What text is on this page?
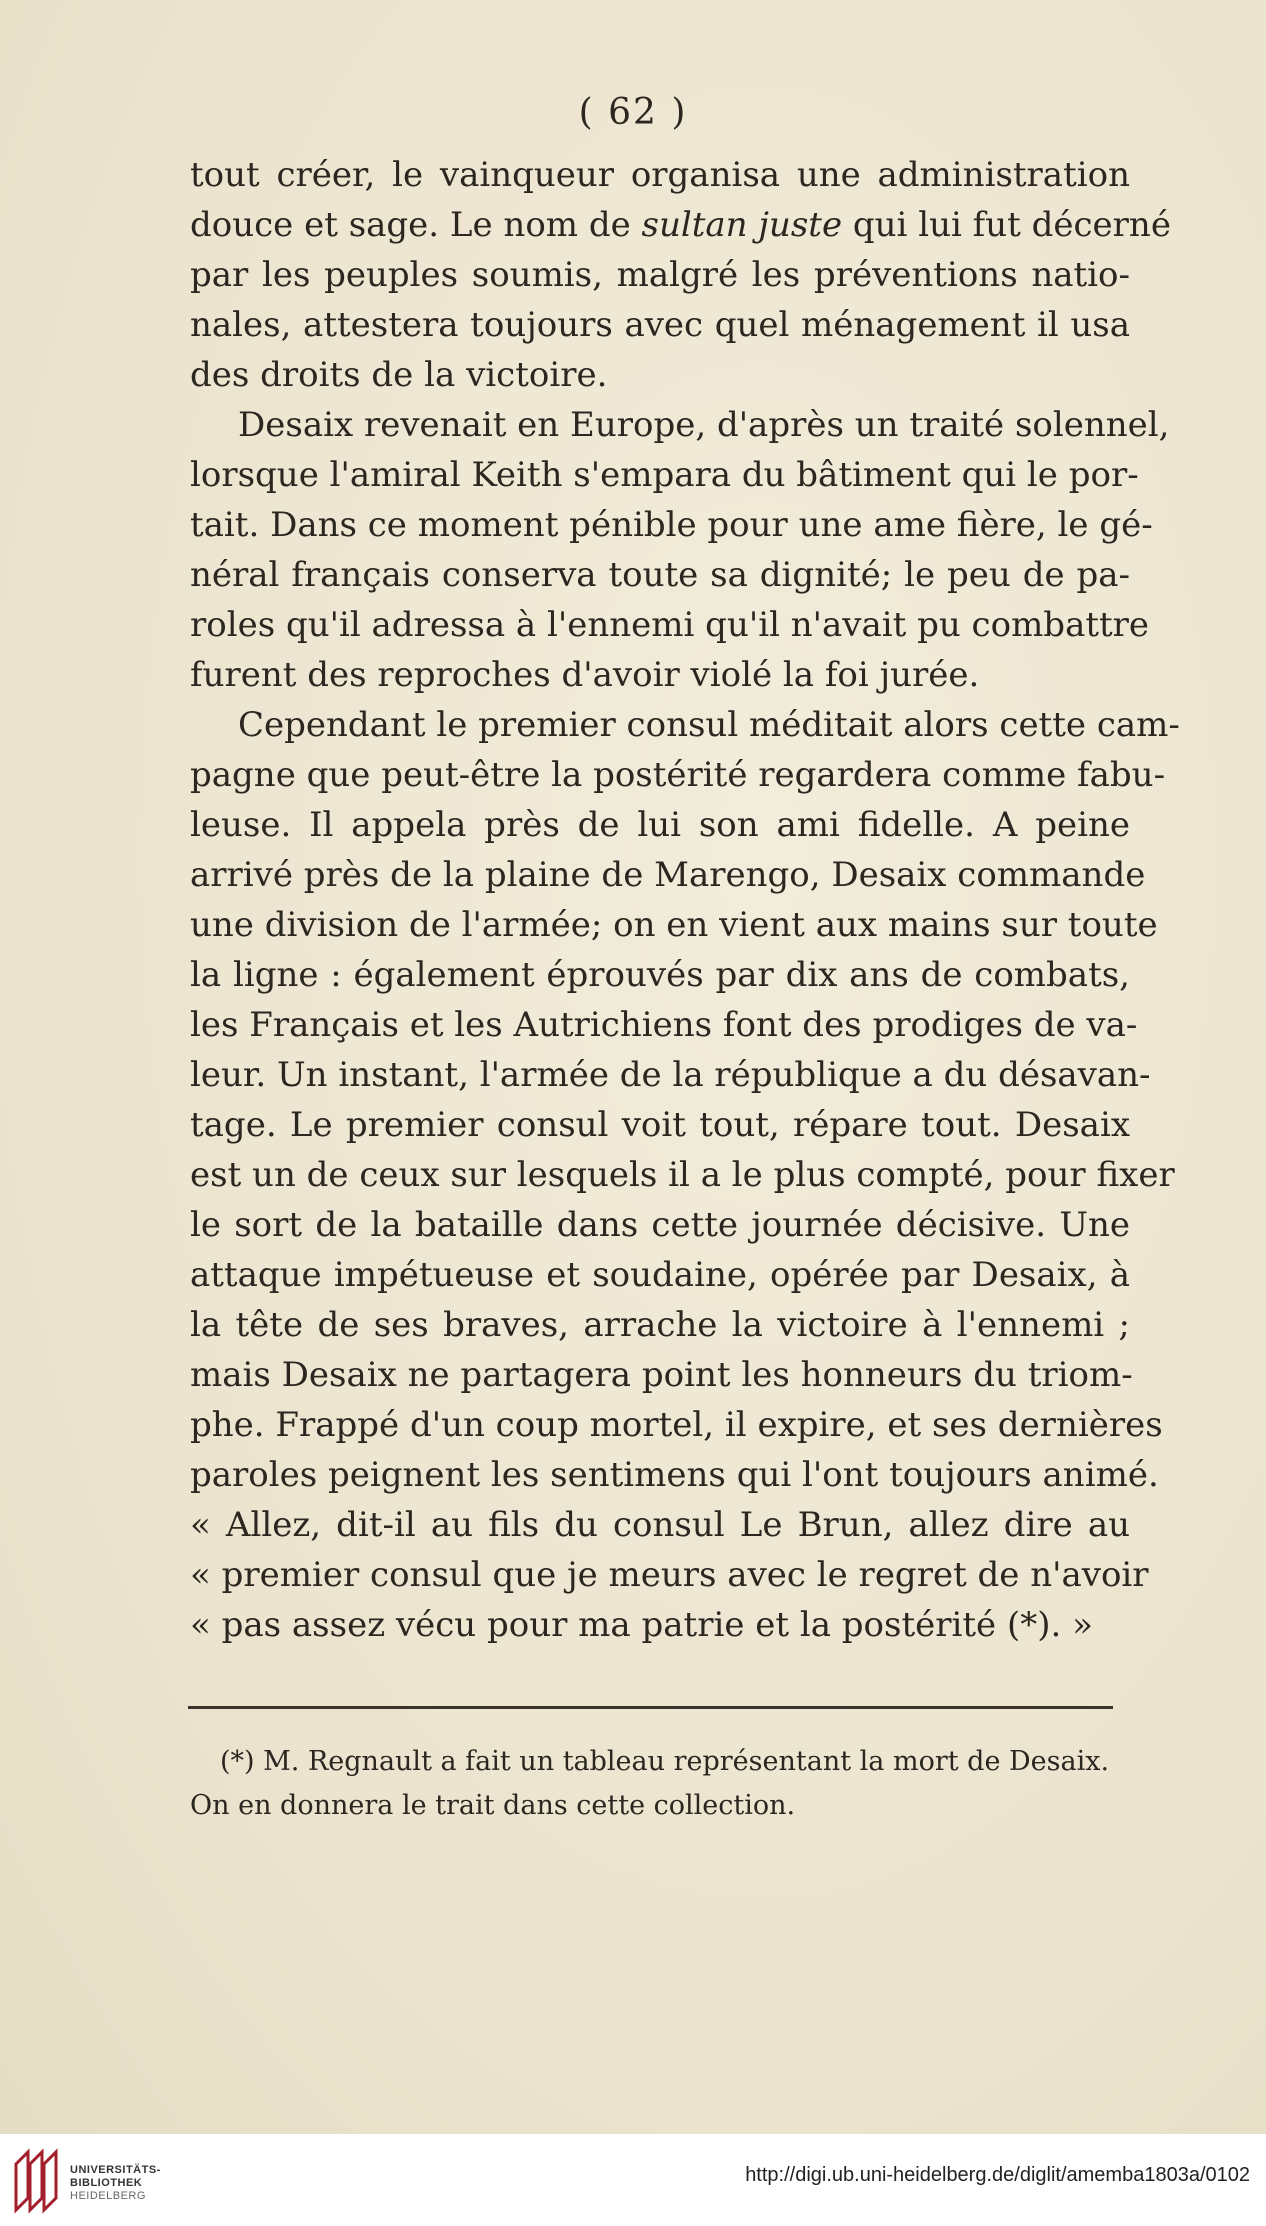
( 62 )
tout créer, le vainqueur organisa une administration
douce et sage. Le nom de sultan juste qui lui fut décerné
par les peuples soumis, malgré les préventions natio-
nales, attestera toujours avec quel ménagement il usa
des droits de la victoire.
Desaix revenait en Europe, d'après un traité solennel,
lorsque l'amiral Keith s'empara du bâtiment qui le por-
tait. Dans ce moment pénible pour une ame fière, le gé-
néral français conserva toute sa dignité; le peu de pa-
roles qu'il adressa à l'ennemi qu'il n'avait pu combattre
furent des reproches d'avoir violé la foi jurée.
Cependant le premier consul méditait alors cette cam-
pagne que peut-être la postérité regardera comme fabu-
leuse. Il appela près de lui son ami fidelle. A peine
arrivé près de la plaine de Marengo, Desaix commande
une division de l'armée; on en vient aux mains sur toute
la ligne : également éprouvés par dix ans de combats,
les Français et les Autrichiens font des prodiges de va-
leur. Un instant, l'armée de la république a du désavan-
tage. Le premier consul voit tout, répare tout. Desaix
est un de ceux sur lesquels il a le plus compté, pour fixer
le sort de la bataille dans cette journée décisive. Une
attaque impétueuse et soudaine, opérée par Desaix, à
la tête de ses braves, arrache la victoire à l'ennemi ;
mais Desaix ne partagera point les honneurs du triom-
phe. Frappé d'un coup mortel, il expire, et ses dernières
paroles peignent les sentimens qui l'ont toujours animé.
« Allez, dit-il au fils du consul Le Brun, allez dire au
« premier consul que je meurs avec le regret de n'avoir
« pas assez vécu pour ma patrie et la postérité (*). »
(*) M. Regnault a fait un tableau représentant la mort de Desaix.
On en donnera le trait dans cette collection.
UNIVERSITÄTS-
BIBLIOTHEK
HEIDELBERG
http://digi.ub.uni-heidelberg.de/diglit/amemba1803a/0102
